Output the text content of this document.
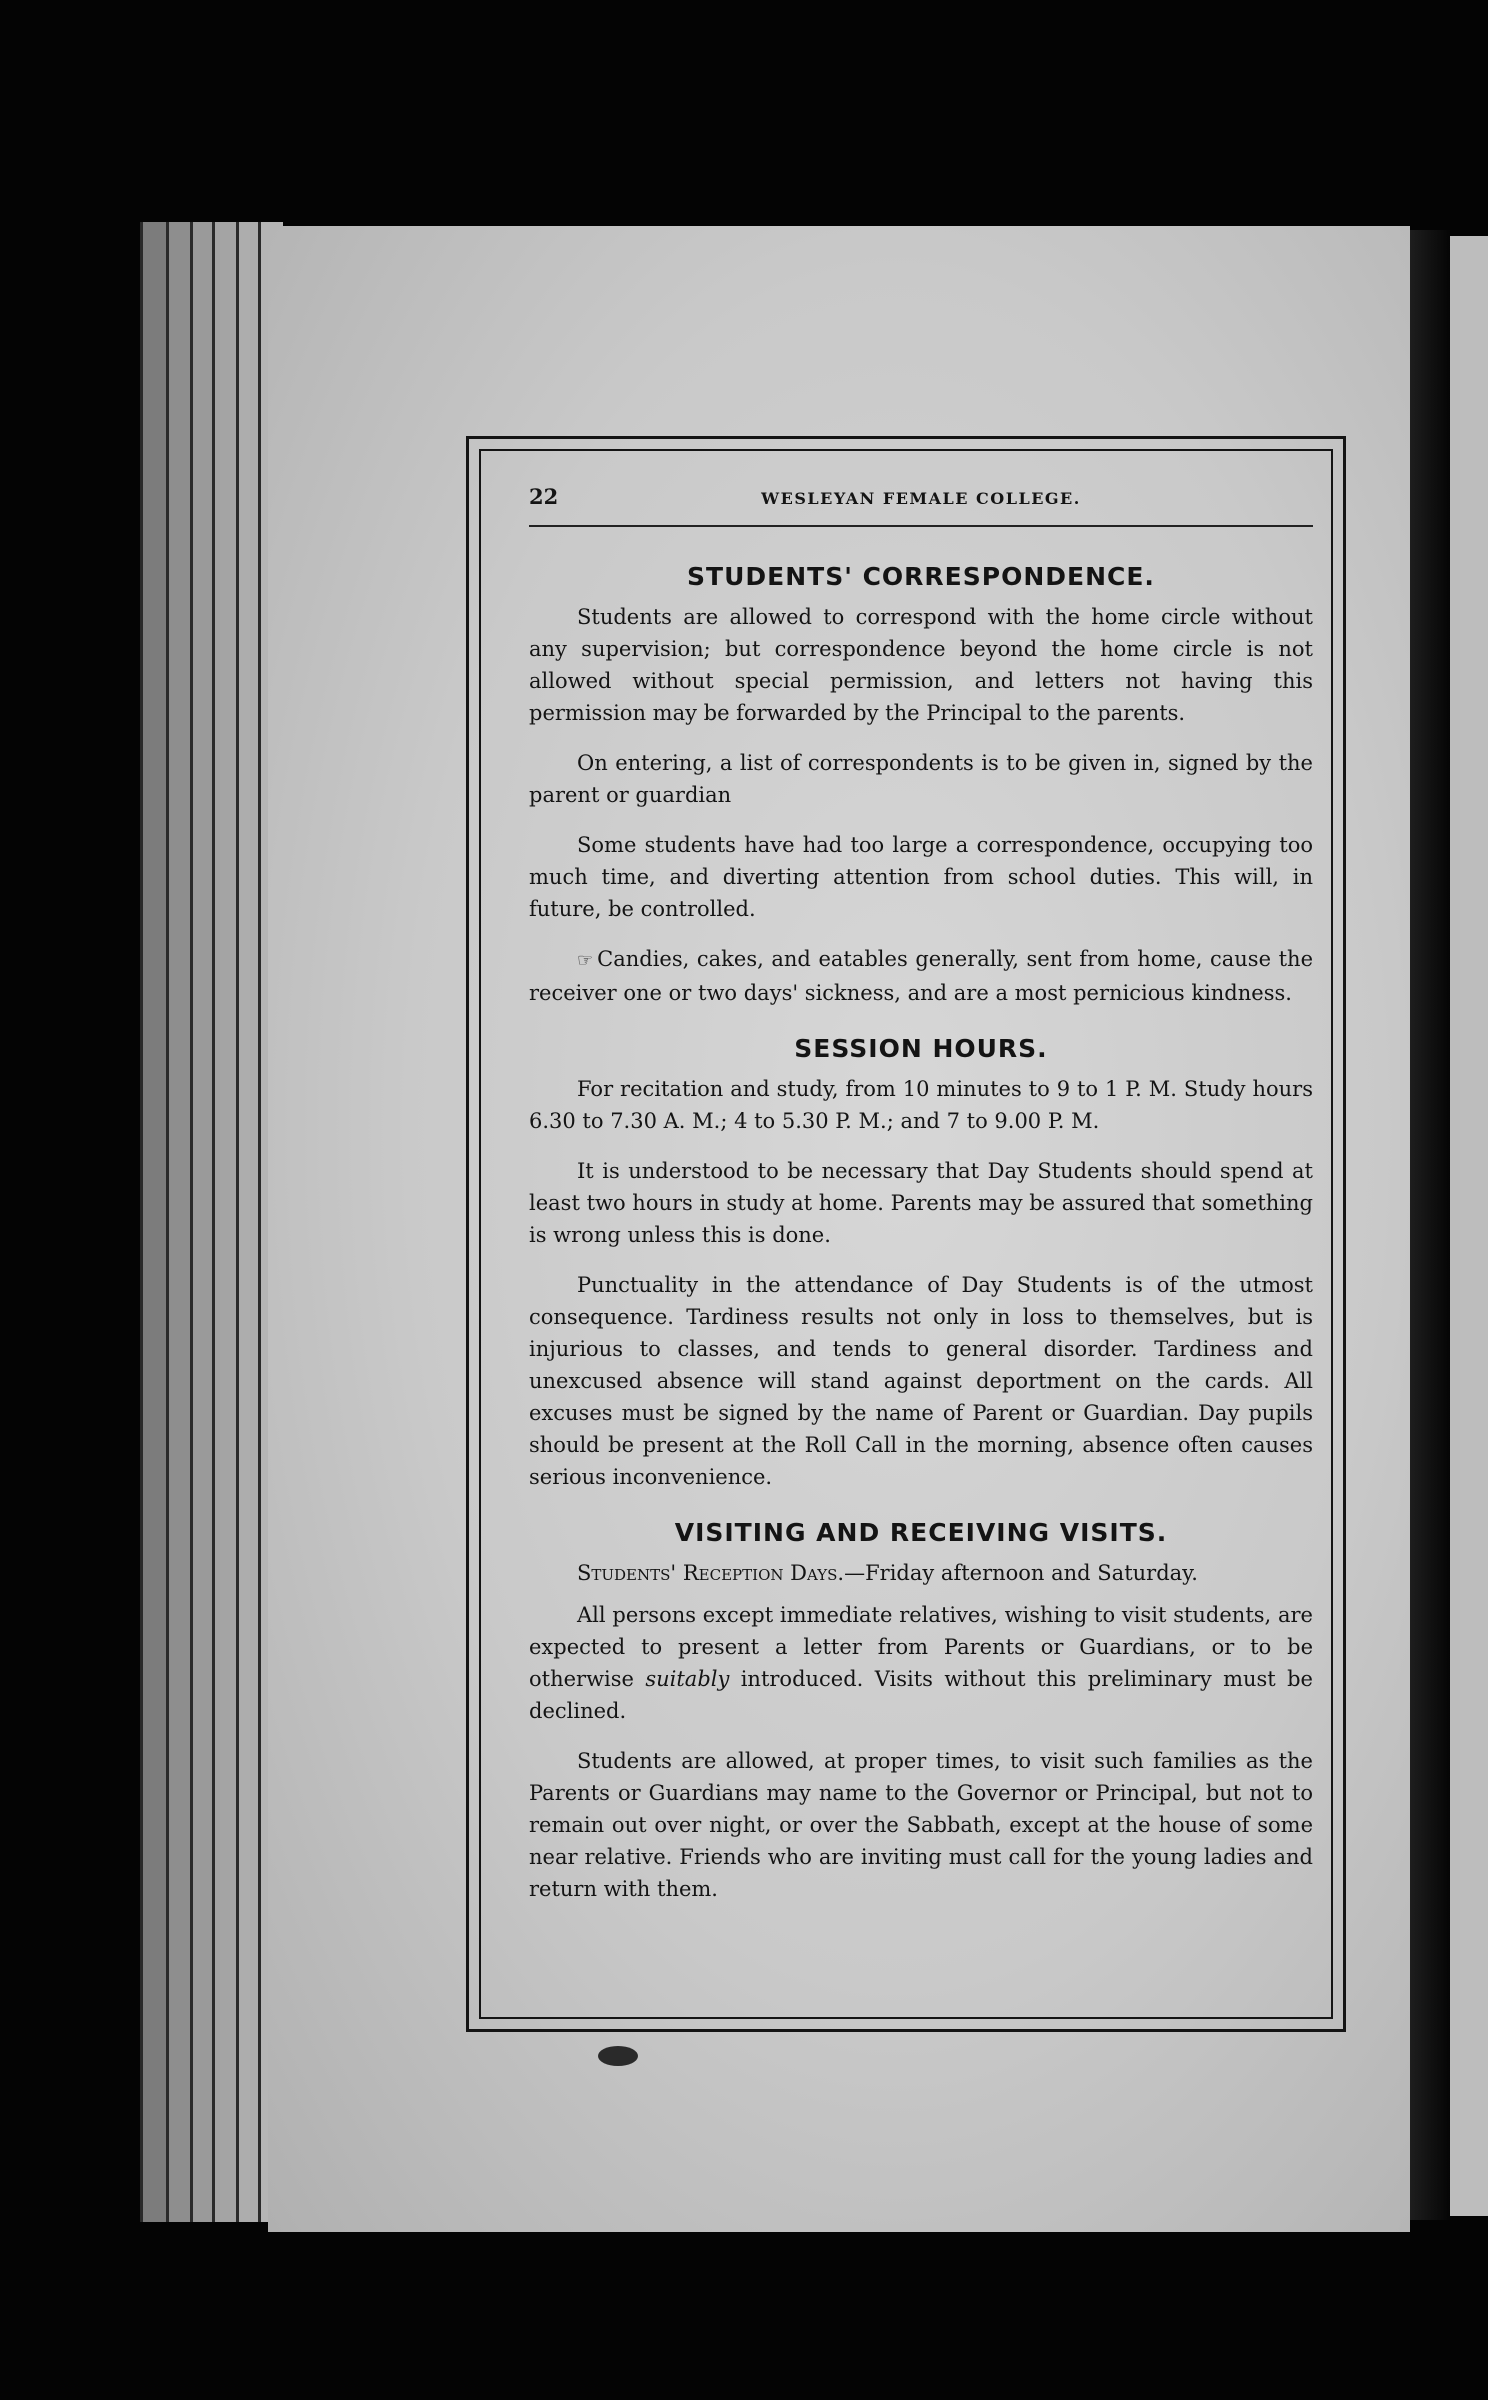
22	WESLEYAN FEMALE COLLEGE.
STUDENTS' CORRESPONDENCE.

Students are allowed to correspond with the home circle without any supervision; but correspondence beyond the home circle is not allowed without special permission, and letters not having this permission may be forwarded by the Principal to the parents.

On entering, a list of correspondents is to be given in, signed by the parent or guardian

Some students have had too large a correspondence, occupying too much time, and diverting attention from school duties. This will, in future, be controlled.

☞ Candies, cakes, and eatables generally, sent from home, cause the receiver one or two days' sickness, and are a most pernicious kindness.

SESSION HOURS.

For recitation and study, from 10 minutes to 9 to 1 P. M. Study hours 6.30 to 7.30 A. M.; 4 to 5.30 P. M.; and 7 to 9.00 P. M.

It is understood to be necessary that Day Students should spend at least two hours in study at home. Parents may be assured that something is wrong unless this is done.

Punctuality in the attendance of Day Students is of the utmost consequence. Tardiness results not only in loss to themselves, but is injurious to classes, and tends to general disorder. Tardiness and unexcused absence will stand against deportment on the cards. All excuses must be signed by the name of Parent or Guardian. Day pupils should be present at the Roll Call in the morning, absence often causes serious inconvenience.

VISITING AND RECEIVING VISITS.
Students' Reception Days.—Friday afternoon and Saturday.

All persons except immediate relatives, wishing to visit students, are expected to present a letter from Parents or Guardians, or to be otherwise suitably introduced. Visits without this preliminary must be declined.

Students are allowed, at proper times, to visit such families as the Parents or Guardians may name to the Governor or Principal, but not to remain out over night, or over the Sabbath, except at the house of some near relative. Friends who are inviting must call for the young ladies and return with them.
